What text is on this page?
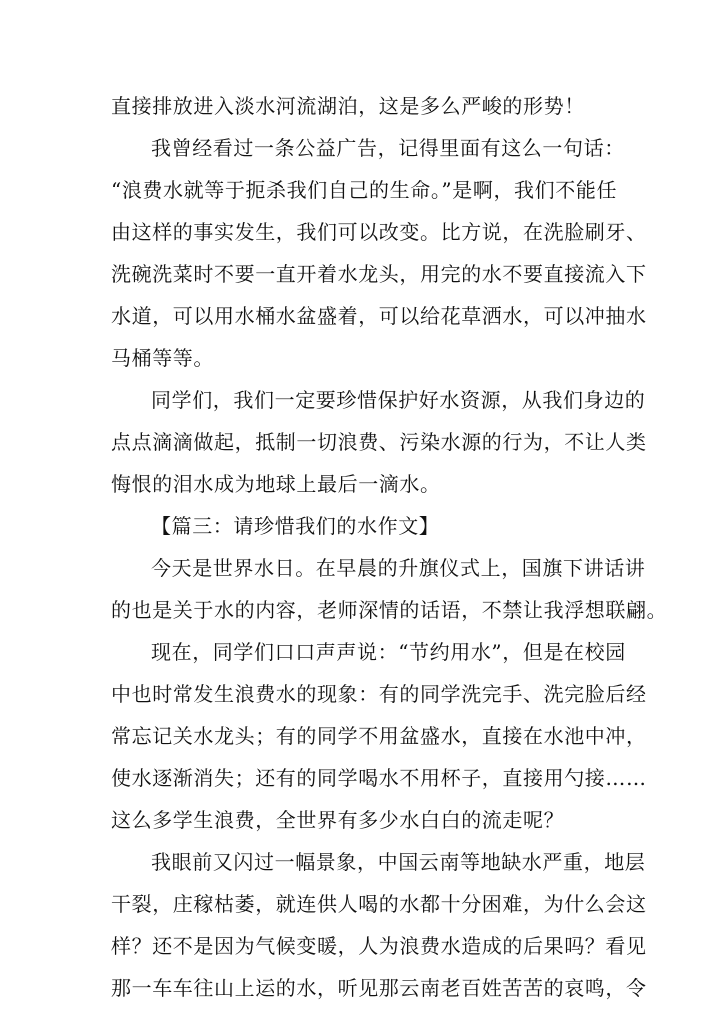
直接排放进入淡水河流湖泊，这是多么严峻的形势！
我曾经看过一条公益广告，记得里面有这么一句话：
“浪费水就等于扼杀我们自己的生命。”是啊，我们不能任
由这样的事实发生，我们可以改变。比方说，在洗脸刷牙、
洗碗洗菜时不要一直开着水龙头，用完的水不要直接流入下
水道，可以用水桶水盆盛着，可以给花草洒水，可以冲抽水
马桶等等。
同学们，我们一定要珍惜保护好水资源，从我们身边的
点点滴滴做起，抵制一切浪费、污染水源的行为，不让人类
悔恨的泪水成为地球上最后一滴水。
【篇三：请珍惜我们的水作文】
今天是世界水日。在早晨的升旗仪式上，国旗下讲话讲
的也是关于水的内容，老师深情的话语，不禁让我浮想联翩。
现在，同学们口口声声说：“节约用水”，但是在校园
中也时常发生浪费水的现象：有的同学洗完手、洗完脸后经
常忘记关水龙头；有的同学不用盆盛水，直接在水池中冲，
使水逐渐消失；还有的同学喝水不用杯子，直接用勺接……
这么多学生浪费，全世界有多少水白白的流走呢？
我眼前又闪过一幅景象，中国云南等地缺水严重，地层
干裂，庄稼枯萎，就连供人喝的水都十分困难，为什么会这
样？还不是因为气候变暖，人为浪费水造成的后果吗？看见
那一车车往山上运的水，听见那云南老百姓苦苦的哀鸣，令
